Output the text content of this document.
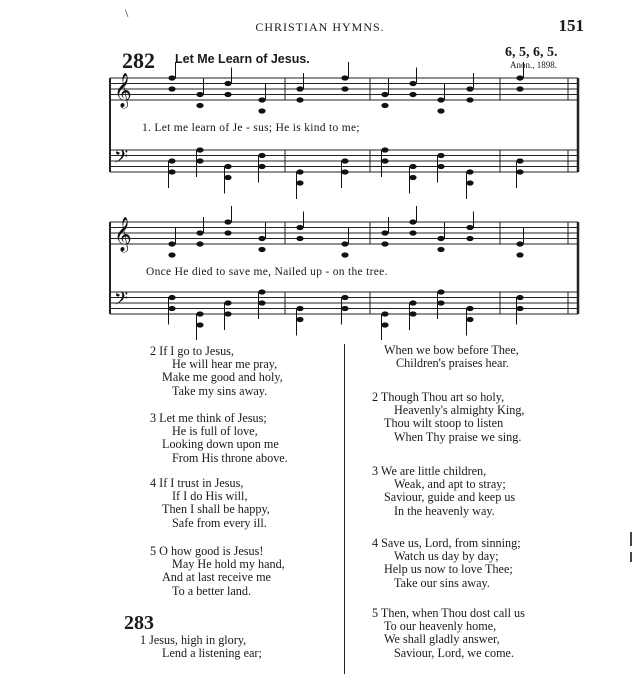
\
CHRISTIAN HYMNS.	151
282 Let Me Learn of Jesus.	6, 5, 6, 5.
Anon., 1898.
𝄞
𝄢
𝄞
𝄢
1. Let me learn of Je - sus; He is kind to me;
Once He died to save me, Nailed up - on the tree.
2 If I go to Jesus,
He will hear me pray,
Make me good and holy,
Take my sins away.
3 Let me think of Jesus;
He is full of love,
Looking down upon me
From His throne above.
4 If I trust in Jesus,
If I do His will,
Then I shall be happy,
Safe from every ill.
5 O how good is Jesus!
May He hold my hand,
And at last receive me
To a better land.
283
1 Jesus, high in glory,
Lend a listening ear;
When we bow before Thee,
Children's praises hear.
2 Though Thou art so holy,
Heavenly's almighty King,
Thou wilt stoop to listen
When Thy praise we sing.
3 We are little children,
Weak, and apt to stray;
Saviour, guide and keep us
In the heavenly way.
4 Save us, Lord, from sinning;
Watch us day by day;
Help us now to love Thee;
Take our sins away.
5 Then, when Thou dost call us
To our heavenly home,
We shall gladly answer,
Saviour, Lord, we come.
